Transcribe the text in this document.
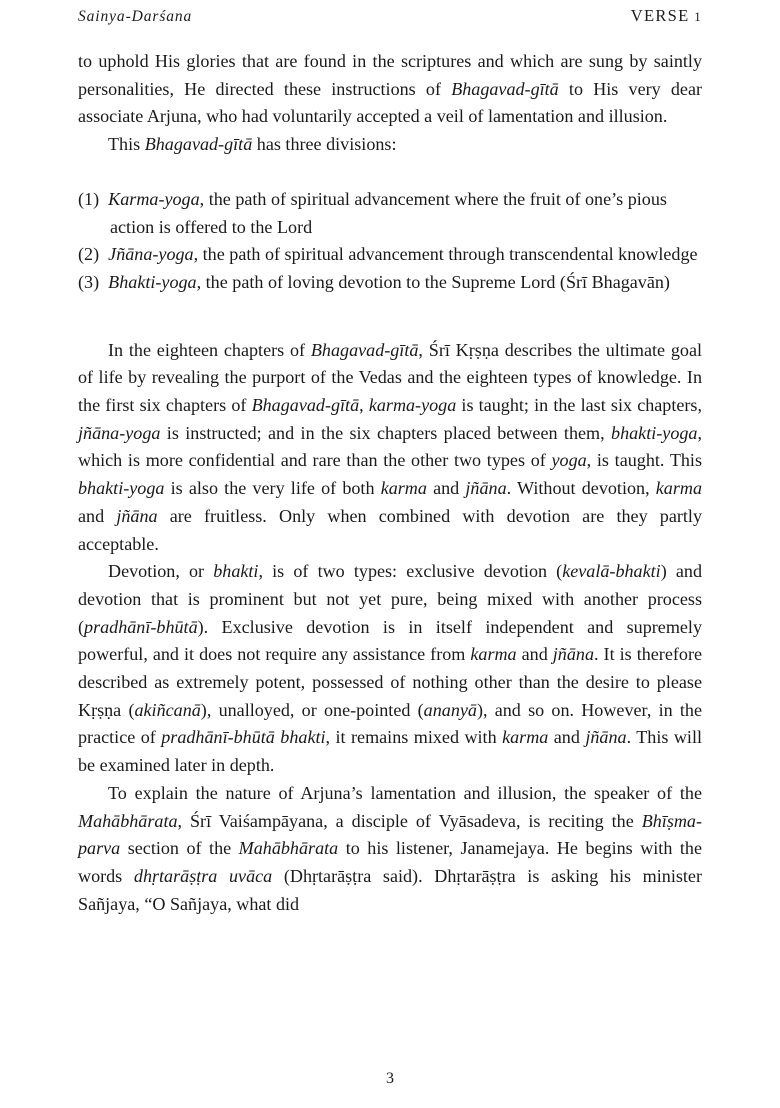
Sainya-Darśana	VERSE 1

to uphold His glories that are found in the scriptures and which are sung by saintly personalities, He directed these instructions of Bhagavad-gītā to His very dear associate Arjuna, who had voluntarily accepted a veil of lamentation and illusion.

This Bhagavad-gītā has three divisions:

(1) Karma-yoga, the path of spiritual advancement where the fruit of one’s pious action is offered to the Lord
(2) Jñāna-yoga, the path of spiritual advancement through transcendental knowledge
(3) Bhakti-yoga, the path of loving devotion to the Supreme Lord (Śrī Bhagavān)

In the eighteen chapters of Bhagavad-gītā, Śrī Kṛṣṇa describes the ultimate goal of life by revealing the purport of the Vedas and the eighteen types of knowledge. In the first six chapters of Bhagavad-gītā, karma-yoga is taught; in the last six chapters, jñāna-yoga is instructed; and in the six chapters placed between them, bhakti-yoga, which is more confidential and rare than the other two types of yoga, is taught. This bhakti-yoga is also the very life of both karma and jñāna. Without devotion, karma and jñāna are fruitless. Only when combined with devotion are they partly acceptable.

Devotion, or bhakti, is of two types: exclusive devotion (kevalā-bhakti) and devotion that is prominent but not yet pure, being mixed with another process (pradhānī-bhūtā). Exclusive devotion is in itself independent and supremely powerful, and it does not require any assistance from karma and jñāna. It is therefore described as extremely potent, possessed of nothing other than the desire to please Kṛṣṇa (akiñcanā), unalloyed, or one-pointed (ananyā), and so on. However, in the practice of pradhānī-bhūtā bhakti, it remains mixed with karma and jñāna. This will be examined later in depth.

To explain the nature of Arjuna’s lamentation and illusion, the speaker of the Mahābhārata, Śrī Vaiśampāyana, a disciple of Vyāsadeva, is reciting the Bhīṣma-parva section of the Mahābhārata to his listener, Janamejaya. He begins with the words dhṛtarāṣṭra uvāca (Dhṛtarāṣṭra said). Dhṛtarāṣṭra is asking his minister Sañjaya, “O Sañjaya, what did

3
